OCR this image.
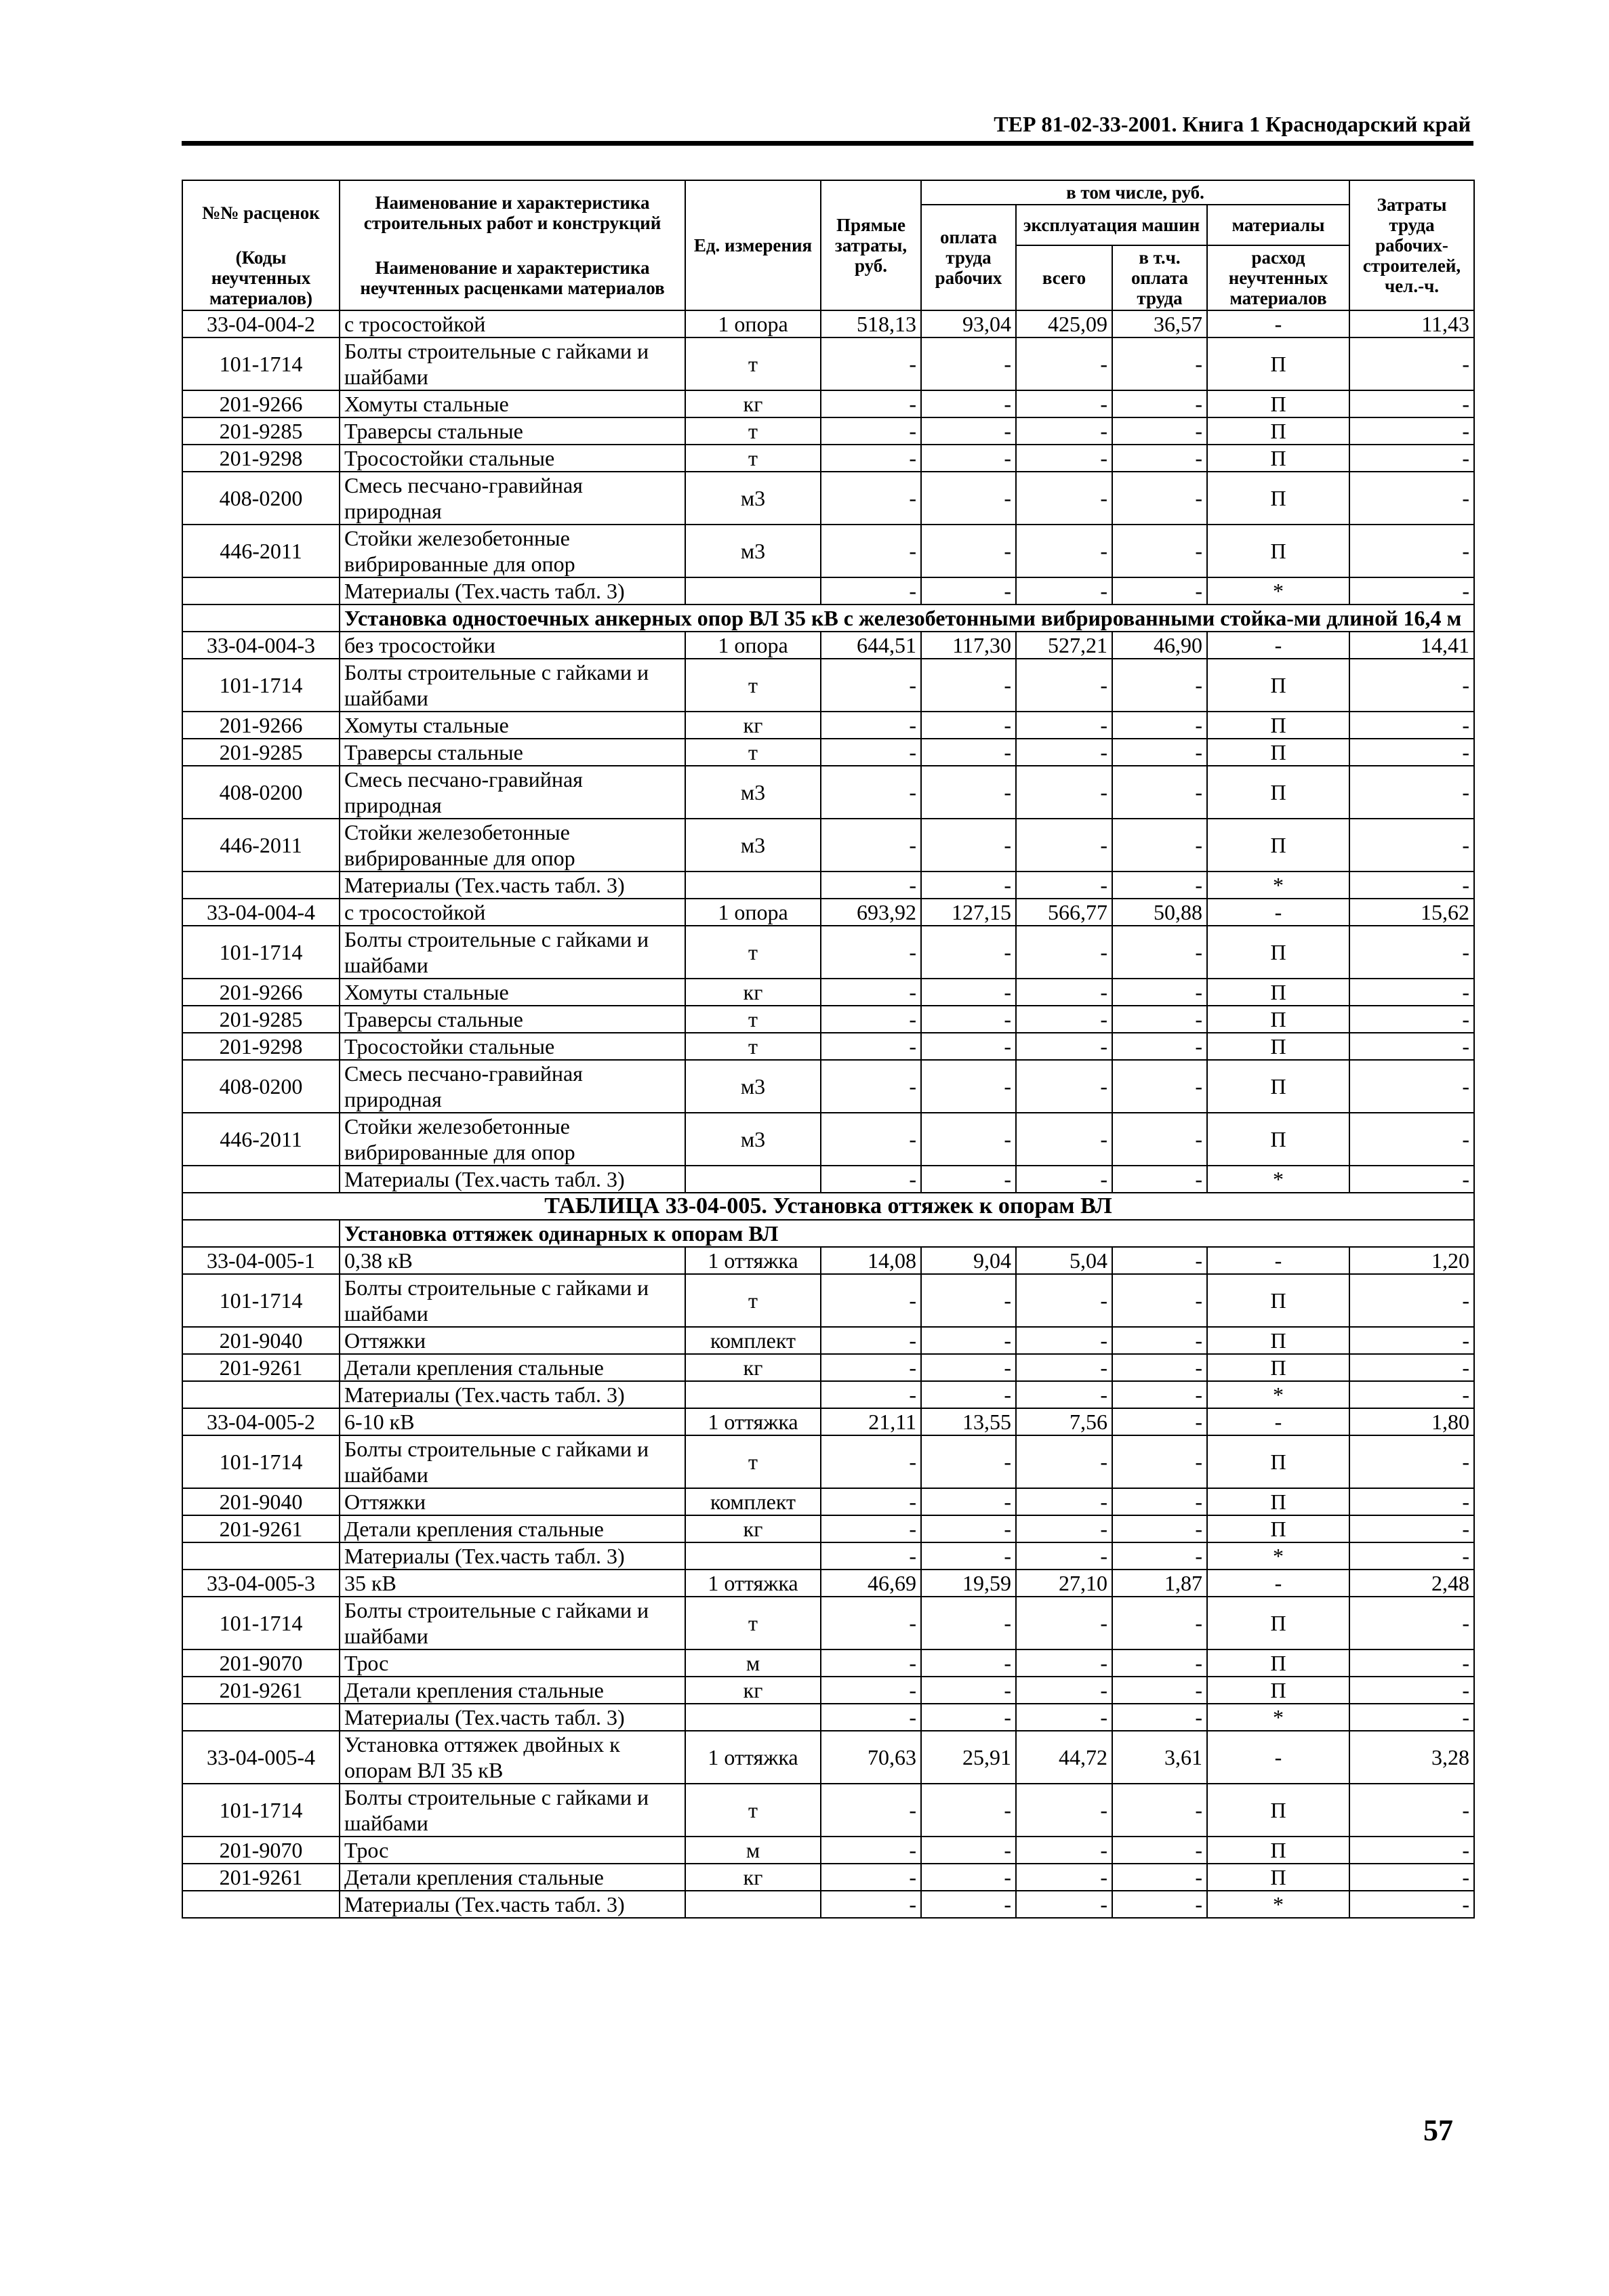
ТЕР 81-02-33-2001. Книга 1 Краснодарский край
№№ расценок	Наименование и характеристика строительных работ и конструкций	Ед. измерения	Прямые затраты, руб.	в том числе, руб.				Затраты труда рабочих-строителей, чел.-ч.
				оплата труда рабочих	эксплуатация машин		материалы	
(Коды неучтенных материалов)	Наименование и характеристика неучтенных расценками материалов				всего	в т.ч. оплата труда	расход неучтенных материалов	

33-04-004-2	с тросостойкой	1 опора	518,13	93,04	425,09	36,57	-	11,43
101-1714	Болты строительные с гайками и шайбами	т	-	-	-	-	П	-
201-9266	Хомуты стальные	кг	-	-	-	-	П	-
201-9285	Траверсы стальные	т	-	-	-	-	П	-
201-9298	Тросостойки стальные	т	-	-	-	-	П	-
408-0200	Смесь песчано-гравийная природная	м3	-	-	-	-	П	-
446-2011	Стойки железобетонные вибрированные для опор	м3	-	-	-	-	П	-
	Материалы (Тех.часть табл. 3)		-	-	-	-	*	-
	Установка одностоечных анкерных опор ВЛ 35 кВ с железобетонными вибрированными стойка-ми длиной 16,4 м							
33-04-004-3	без тросостойки	1 опора	644,51	117,30	527,21	46,90	-	14,41
101-1714	Болты строительные с гайками и шайбами	т	-	-	-	-	П	-
201-9266	Хомуты стальные	кг	-	-	-	-	П	-
201-9285	Траверсы стальные	т	-	-	-	-	П	-
408-0200	Смесь песчано-гравийная природная	м3	-	-	-	-	П	-
446-2011	Стойки железобетонные вибрированные для опор	м3	-	-	-	-	П	-
	Материалы (Тех.часть табл. 3)		-	-	-	-	*	-
33-04-004-4	с тросостойкой	1 опора	693,92	127,15	566,77	50,88	-	15,62
101-1714	Болты строительные с гайками и шайбами	т	-	-	-	-	П	-
201-9266	Хомуты стальные	кг	-	-	-	-	П	-
201-9285	Траверсы стальные	т	-	-	-	-	П	-
201-9298	Тросостойки стальные	т	-	-	-	-	П	-
408-0200	Смесь песчано-гравийная природная	м3	-	-	-	-	П	-
446-2011	Стойки железобетонные вибрированные для опор	м3	-	-	-	-	П	-
	Материалы (Тех.часть табл. 3)		-	-	-	-	*	-
ТАБЛИЦА 33-04-005. Установка оттяжек к опорам ВЛ								
	Установка оттяжек одинарных к опорам ВЛ							
33-04-005-1	0,38 кВ	1 оттяжка	14,08	9,04	5,04	-	-	1,20
101-1714	Болты строительные с гайками и шайбами	т	-	-	-	-	П	-
201-9040	Оттяжки	комплект	-	-	-	-	П	-
201-9261	Детали крепления стальные	кг	-	-	-	-	П	-
	Материалы (Тех.часть табл. 3)		-	-	-	-	*	-
33-04-005-2	6-10 кВ	1 оттяжка	21,11	13,55	7,56	-	-	1,80
101-1714	Болты строительные с гайками и шайбами	т	-	-	-	-	П	-
201-9040	Оттяжки	комплект	-	-	-	-	П	-
201-9261	Детали крепления стальные	кг	-	-	-	-	П	-
	Материалы (Тех.часть табл. 3)		-	-	-	-	*	-
33-04-005-3	35 кВ	1 оттяжка	46,69	19,59	27,10	1,87	-	2,48
101-1714	Болты строительные с гайками и шайбами	т	-	-	-	-	П	-
201-9070	Трос	м	-	-	-	-	П	-
201-9261	Детали крепления стальные	кг	-	-	-	-	П	-
	Материалы (Тех.часть табл. 3)		-	-	-	-	*	-
33-04-005-4	Установка оттяжек двойных к опорам ВЛ 35 кВ	1 оттяжка	70,63	25,91	44,72	3,61	-	3,28
101-1714	Болты строительные с гайками и шайбами	т	-	-	-	-	П	-
201-9070	Трос	м	-	-	-	-	П	-
201-9261	Детали крепления стальные	кг	-	-	-	-	П	-
	Материалы (Тех.часть табл. 3)		-	-	-	-	*	-
57
